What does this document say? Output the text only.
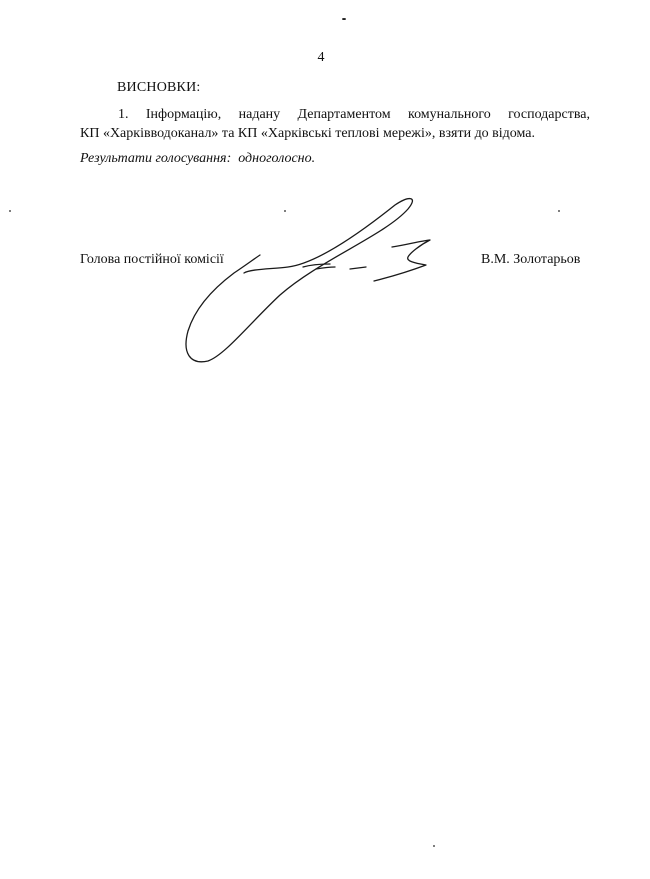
4
ВИСНОВКИ:
1. Інформацію, надану Департаментом комунального господарства,
КП «Харківводоканал» та КП «Харківські теплові мережі», взяти до відома.
Результати голосування: одноголосно.
Голова постійної комісії	В.М. Золотарьов
